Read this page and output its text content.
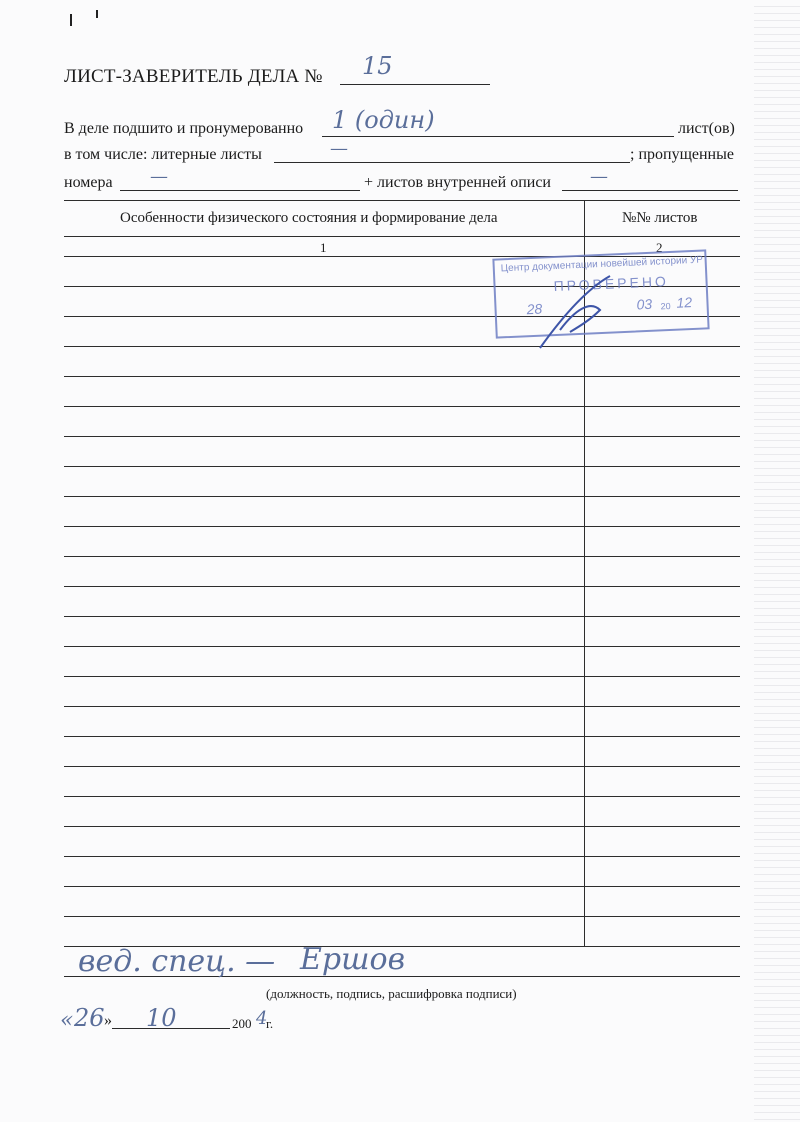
ЛИСТ-ЗАВЕРИТЕЛЬ ДЕЛА № 15
В деле подшито и пронумерованно 1 (один)	лист(ов)
в том числе: литерные листы	—	; пропущенные
номера —	+ листов внутренней описи —
Особенности физического состояния и формирование дела	№№ листов
1	2
Центр документации новейшей истории УР
ПРОВЕРЕНО
28	03 20 12
вед. спец. — Ершов
(должность, подпись, расшифровка подписи)
« 26 » 10	200 4
г.
